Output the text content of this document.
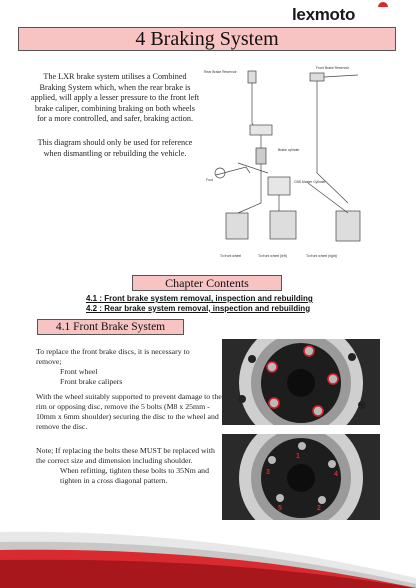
lexmoto
4 Braking System

The LXR brake system utilises a Combined Braking System which, when the rear brake is applied, will apply a lesser pressure to the front left brake caliper, combining braking on both wheels for a more controlled, and safer, braking action.

This diagram should only be used for reference when dismantling or rebuilding the vehicle.

Rear Brake Reservoir
Front Brake Reservoir
Brake cylinder
CBS Master Cylinder
Foot
To front wheel	To front wheel (left)	To front wheel (right)
Chapter Contents
4.1 : Front brake system removal, inspection and rebuilding
4.2 : Rear brake system removal, inspection and rebuilding
4.1 Front Brake System
To replace the front brake discs, it is necessary to remove;
Front wheel
Front brake calipers
With the wheel suitably supported to prevent damage to the rim or opposing disc, remove the 5 bolts (M8 x 25mm - 10mm x 6mm shoulder) securing the disc to the wheel and remove the disc.
Note; If replacing the bolts these MUST be replaced with the correct size and dimension including shoulder.
When refitting, tighten these bolts to 35Nm and tighten in a cross diagonal pattern.
1
2
3	4
5
